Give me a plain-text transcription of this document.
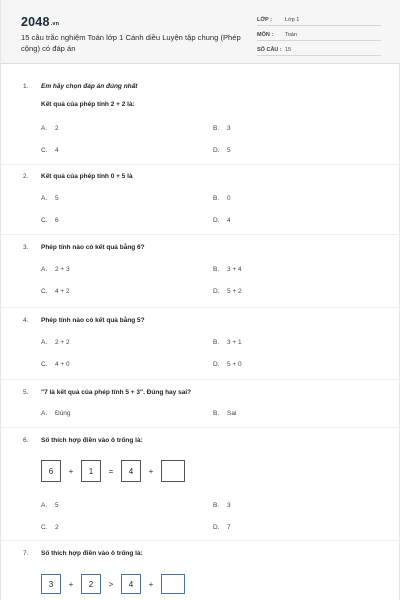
2048.vn
15 câu trắc nghiệm Toán lớp 1 Cánh diều Luyện tập chung (Phép cộng) có đáp án
LỚP : Lớp 1
MÔN : Toán
SỐ CÂU : 15
1. Em hãy chọn đáp án đúng nhất
Kết quả của phép tính 2 + 2 là:
A. 2	B. 3
C. 4	D. 5
2. Kết quả của phép tính 0 + 5 là
A. 5	B. 0
C. 6	D. 4
3. Phép tính nào có kết quả bằng 6?
A. 2 + 3	B. 3 + 4
C. 4 + 2	D. 5 + 2
4. Phép tính nào có kết quả bằng 5?
A. 2 + 2	B. 3 + 1
C. 4 + 0	D. 5 + 0
5. "7 là kết quả của phép tính 5 + 3". Đúng hay sai?
A. Đúng	B. Sai
6. Số thích hợp điền vào ô trống là:
6	+	1	=	4	+
A. 5	B. 3
C. 2	D. 7
7. Số thích hợp điền vào ô trống là:
3	+	2	>	4	+
